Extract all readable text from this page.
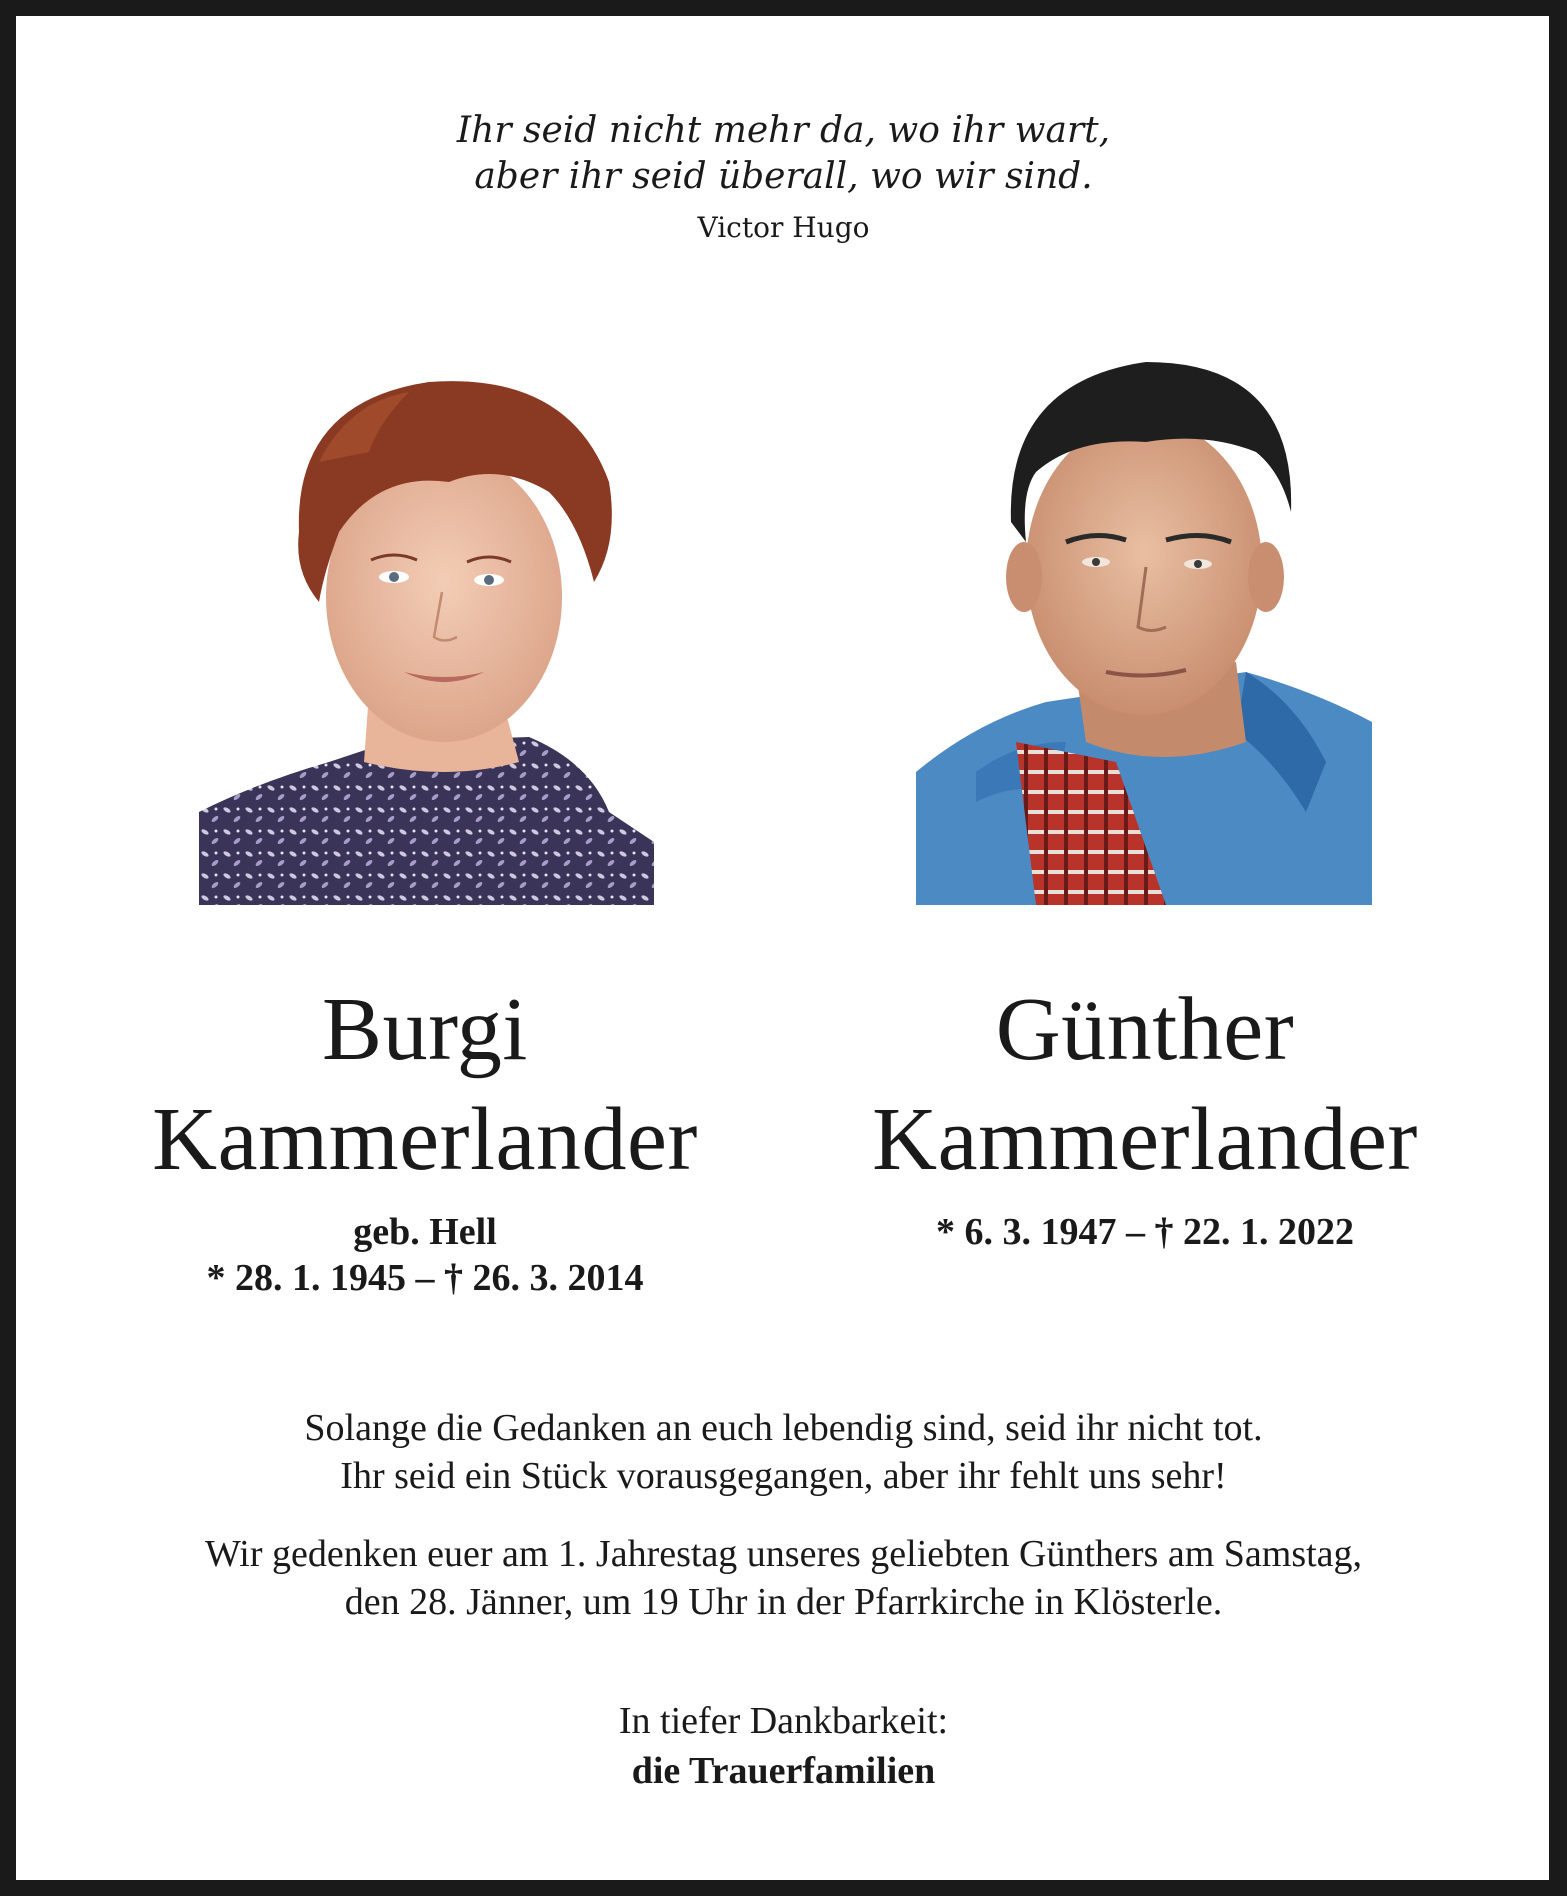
Ihr seid nicht mehr da, wo ihr wart,
aber ihr seid überall, wo wir sind.
Victor Hugo
Burgi
Kammerlander
geb. Hell
* 28. 1. 1945 – † 26. 3. 2014
Günther
Kammerlander
* 6. 3. 1947 – † 22. 1. 2022
Solange die Gedanken an euch lebendig sind, seid ihr nicht tot.
Ihr seid ein Stück vorausgegangen, aber ihr fehlt uns sehr!
Wir gedenken euer am 1. Jahrestag unseres geliebten Günthers am Samstag,
den 28. Jänner, um 19 Uhr in der Pfarrkirche in Klösterle.
In tiefer Dankbarkeit:
die Trauerfamilien
